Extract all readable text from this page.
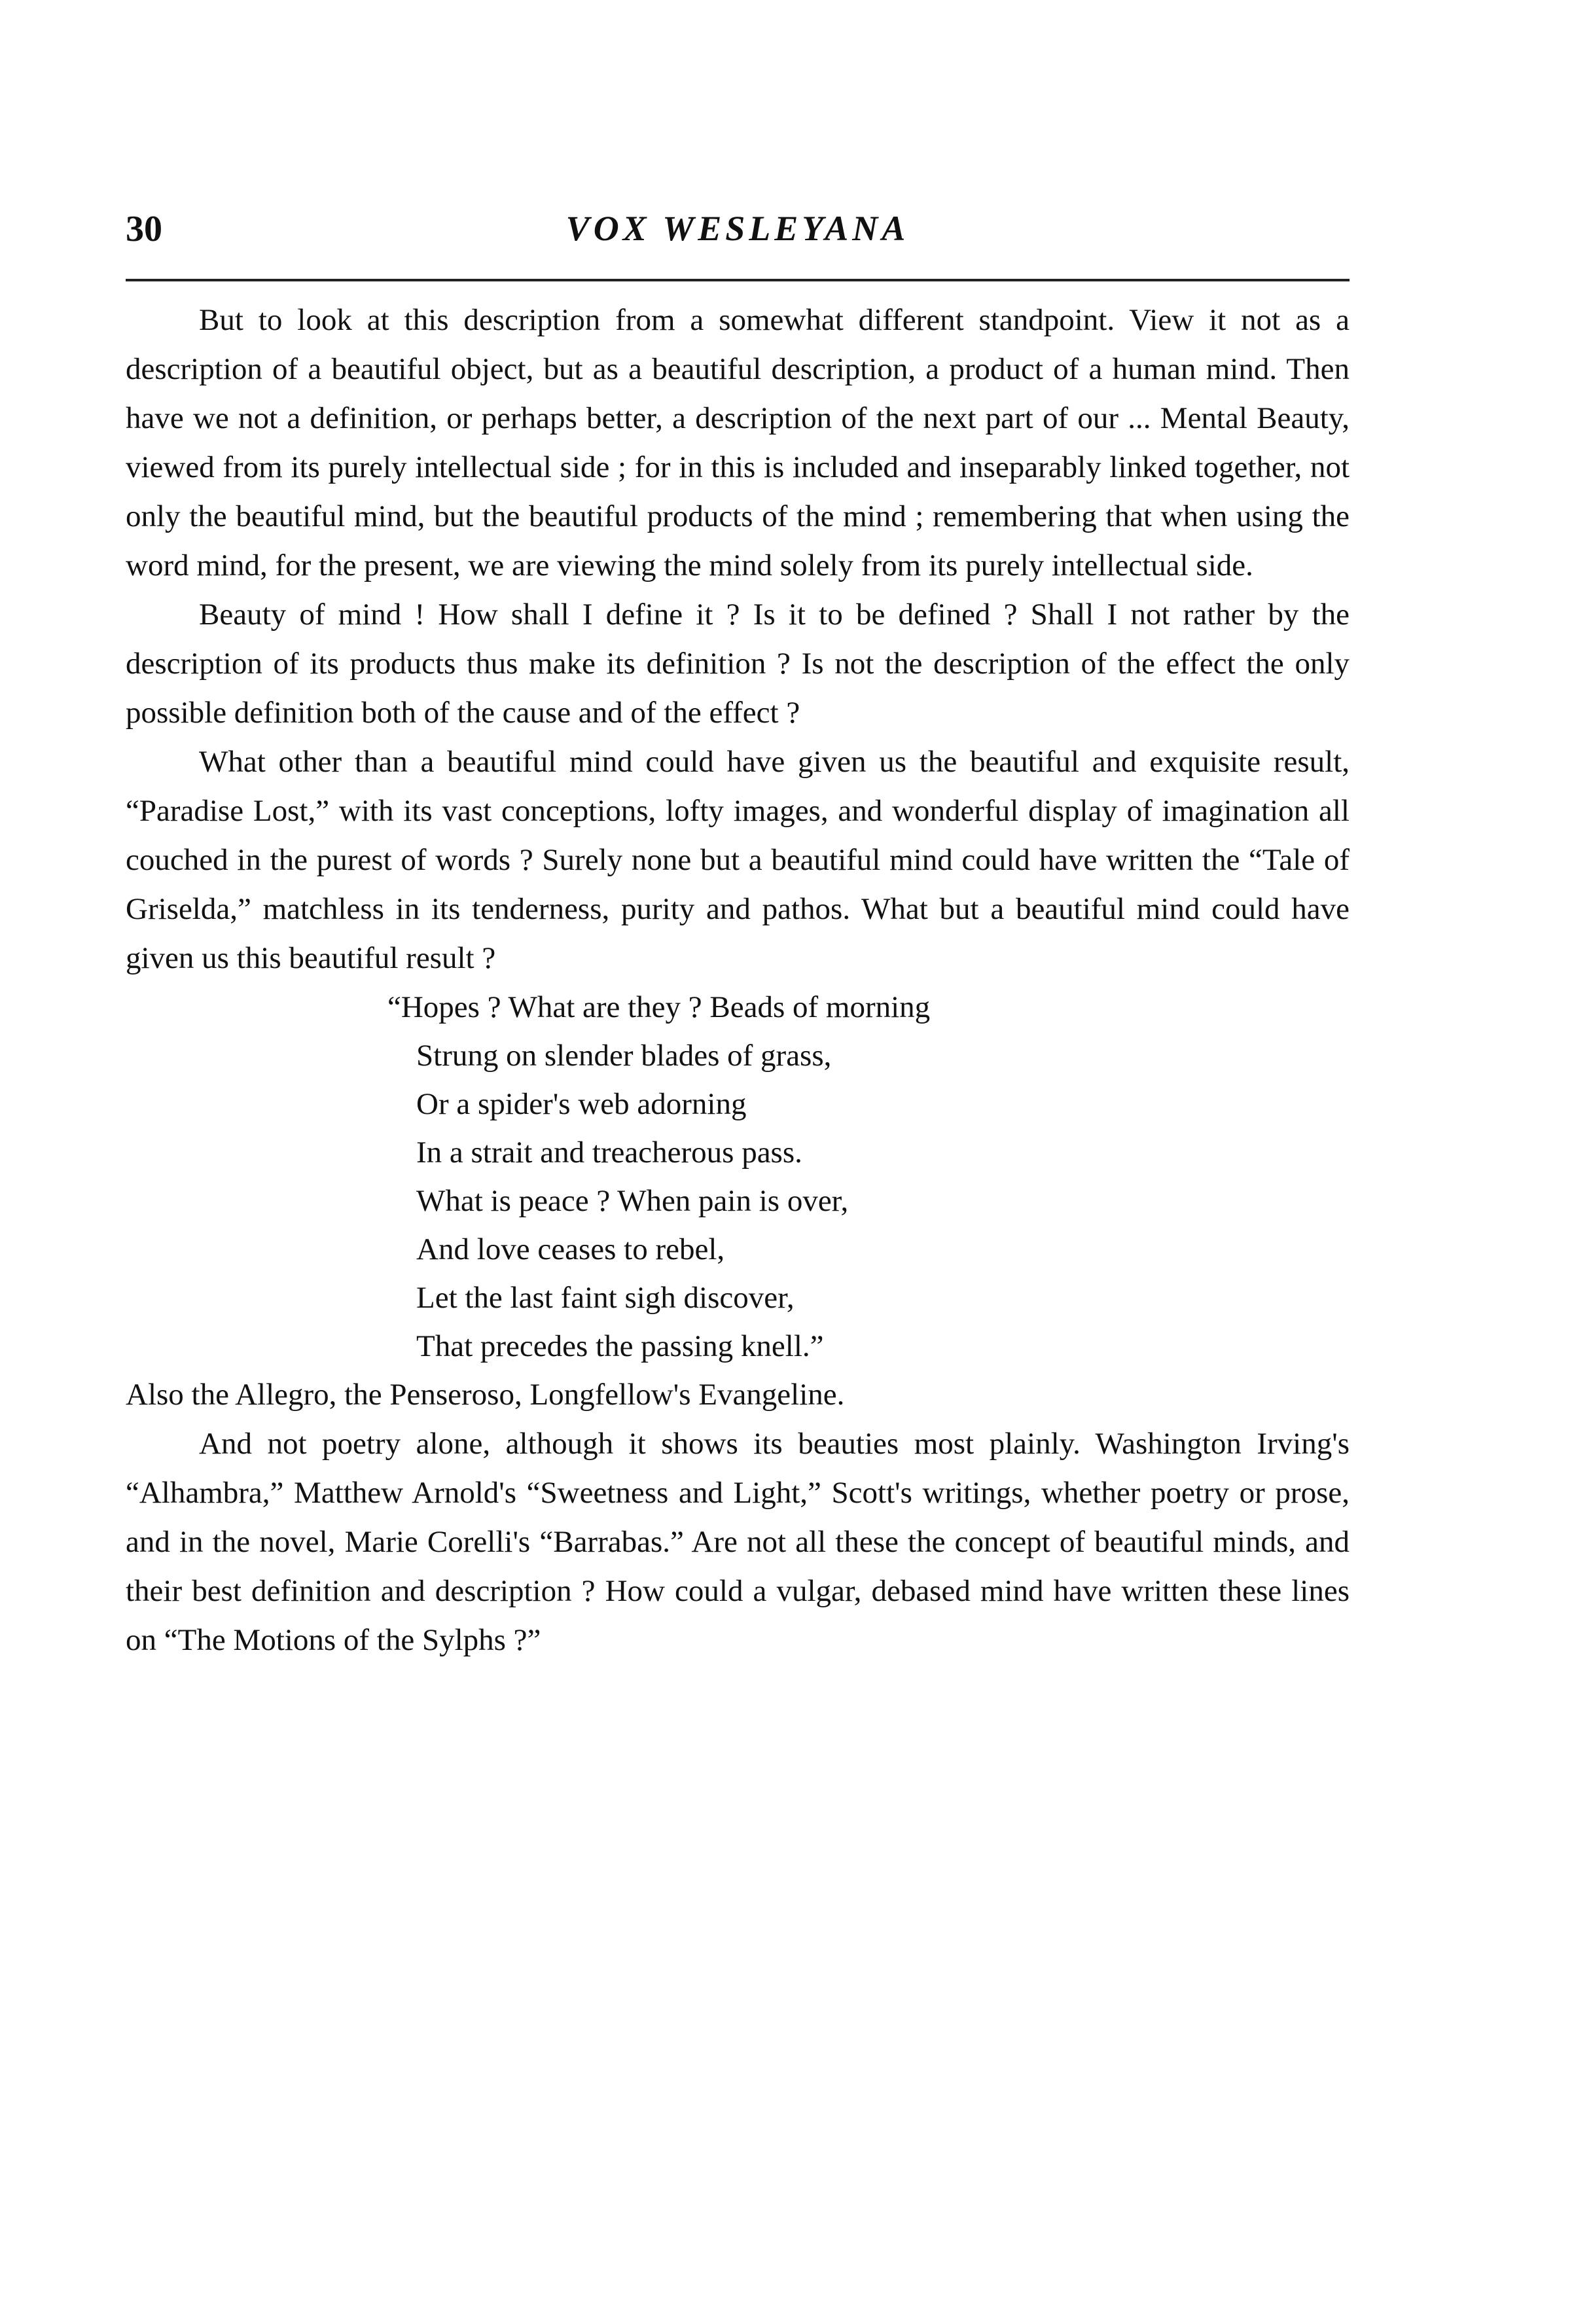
30	VOX WESLEYANA

But to look at this description from a somewhat different standpoint. View it not as a description of a beautiful object, but as a beautiful description, a product of a human mind. Then have we not a definition, or perhaps better, a description of the next part of our ... Mental Beauty, viewed from its purely intellectual side ; for in this is included and inseparably linked together, not only the beautiful mind, but the beautiful products of the mind ; remembering that when using the word mind, for the present, we are viewing the mind solely from its purely intellectual side.

Beauty of mind ! How shall I define it ? Is it to be defined ? Shall I not rather by the description of its products thus make its definition ? Is not the description of the effect the only possible definition both of the cause and of the effect ?

What other than a beautiful mind could have given us the beautiful and exquisite result, “Paradise Lost,” with its vast conceptions, lofty images, and wonderful display of imagination all couched in the purest of words ? Surely none but a beautiful mind could have written the “Tale of Griselda,” matchless in its tenderness, purity and pathos. What but a beautiful mind could have given us this beautiful result ?

“Hopes ? What are they ? Beads of morning
Strung on slender blades of grass,
Or a spider's web adorning
In a strait and treacherous pass.
What is peace ? When pain is over,
And love ceases to rebel,
Let the last faint sigh discover,
That precedes the passing knell.”

Also the Allegro, the Penseroso, Longfellow's Evangeline.

And not poetry alone, although it shows its beauties most plainly. Washington Irving's “Alhambra,” Matthew Arnold's “Sweetness and Light,” Scott's writings, whether poetry or prose, and in the novel, Marie Corelli's “Barrabas.” Are not all these the concept of beautiful minds, and their best definition and description ? How could a vulgar, debased mind have written these lines on “The Motions of the Sylphs ?”
